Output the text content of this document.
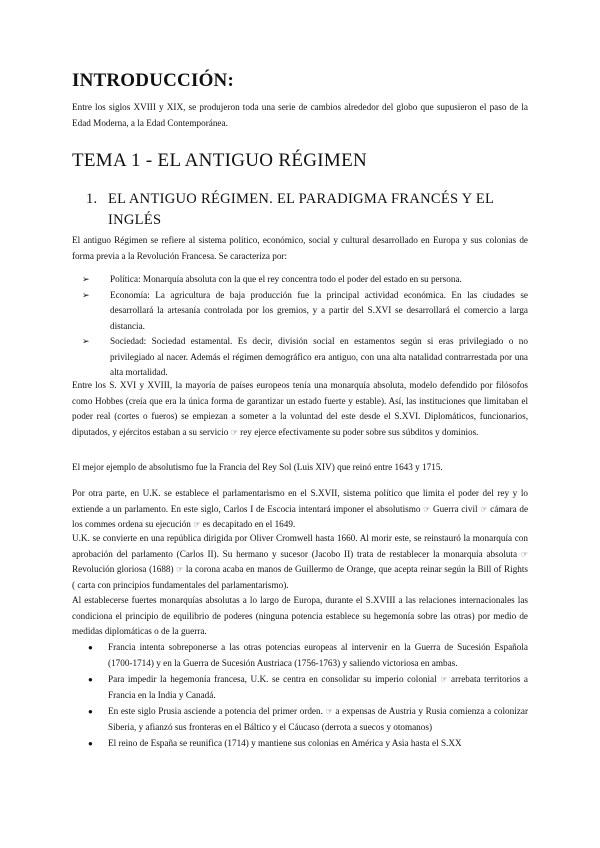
INTRODUCCIÓN:
Entre los siglos XVIII y XIX, se produjeron toda una serie de cambios alrededor del globo que supusieron el paso de la Edad Moderna, a la Edad Contemporánea.
TEMA 1 - EL ANTIGUO RÉGIMEN
1. EL ANTIGUO RÉGIMEN. EL PARADIGMA FRANCÉS Y EL
INGLÉS
El antiguo Régimen se refiere al sistema político, económico, social y cultural desarrollado en Europa y sus colonias de forma previa a la Revolución Francesa. Se caracteriza por:
➢ Política: Monarquía absoluta con la que el rey concentra todo el poder del estado en su persona.
➢ Economía: La agricultura de baja producción fue la principal actividad económica. En las ciudades se desarrollará la artesanía controlada por los gremios, y a partir del S.XVI se desarrollará el comercio a larga distancia.
➢ Sociedad: Sociedad estamental. Es decir, división social en estamentos según si eras privilegiado o no privilegiado al nacer. Además el régimen demográfico era antiguo, con una alta natalidad contrarrestada por una alta mortalidad.
Entre los S. XVI y XVIII, la mayoría de países europeos tenía una monarquía absoluta, modelo defendido por filósofos como Hobbes (creía que era la única forma de garantizar un estado fuerte y estable). Así, las instituciones que limitaban el poder real (cortes o fueros) se empiezan a someter a la voluntad del este desde el S.XVI. Diplomáticos, funcionarios, diputados, y ejércitos estaban a su servicio ☞ rey ejerce efectivamente su poder sobre sus súbditos y dominios.
El mejor ejemplo de absolutismo fue la Francia del Rey Sol (Luis XIV) que reinó entre 1643 y 1715.
Por otra parte, en U.K. se establece el parlamentarismo en el S.XVII, sistema político que limita el poder del rey y lo extiende a un parlamento. En este siglo, Carlos I de Escocia intentará imponer el absolutismo ☞ Guerra civil ☞ cámara de los commes ordena su ejecución ☞ es decapitado en el 1649.
U.K. se convierte en una república dirigida por Oliver Cromwell hasta 1660. Al morir este, se reinstauró la monarquía con aprobación del parlamento (Carlos II). Su hermano y sucesor (Jacobo II) trata de restablecer la monarquía absoluta ☞ Revolución gloriosa (1688) ☞ la corona acaba en manos de Guillermo de Orange, que acepta reinar según la Bill of Rights ( carta con principios fundamentales del parlamentarismo).
Al establecerse fuertes monarquías absolutas a lo largo de Europa, durante el S.XVIII a las relaciones internacionales las condiciona el principio de equilibrio de poderes (ninguna potencia establece su hegemonía sobre las otras) por medio de medidas diplomáticas o de la guerra.
● Francia intenta sobreponerse a las otras potencias europeas al intervenir en la Guerra de Sucesión Española (1700-1714) y en la Guerra de Sucesión Austriaca (1756-1763) y saliendo victoriosa en ambas.
● Para impedir la hegemonía francesa, U.K. se centra en consolidar su imperio colonial ☞ arrebata territorios a Francia en la India y Canadá.
● En este siglo Prusia asciende a potencia del primer orden. ☞ a expensas de Austria y Rusia comienza a colonizar Siberia, y afianzó sus fronteras en el Báltico y el Cáucaso (derrota a suecos y otomanos)
● El reino de España se reunifica (1714) y mantiene sus colonias en América y Asia hasta el S.XX
